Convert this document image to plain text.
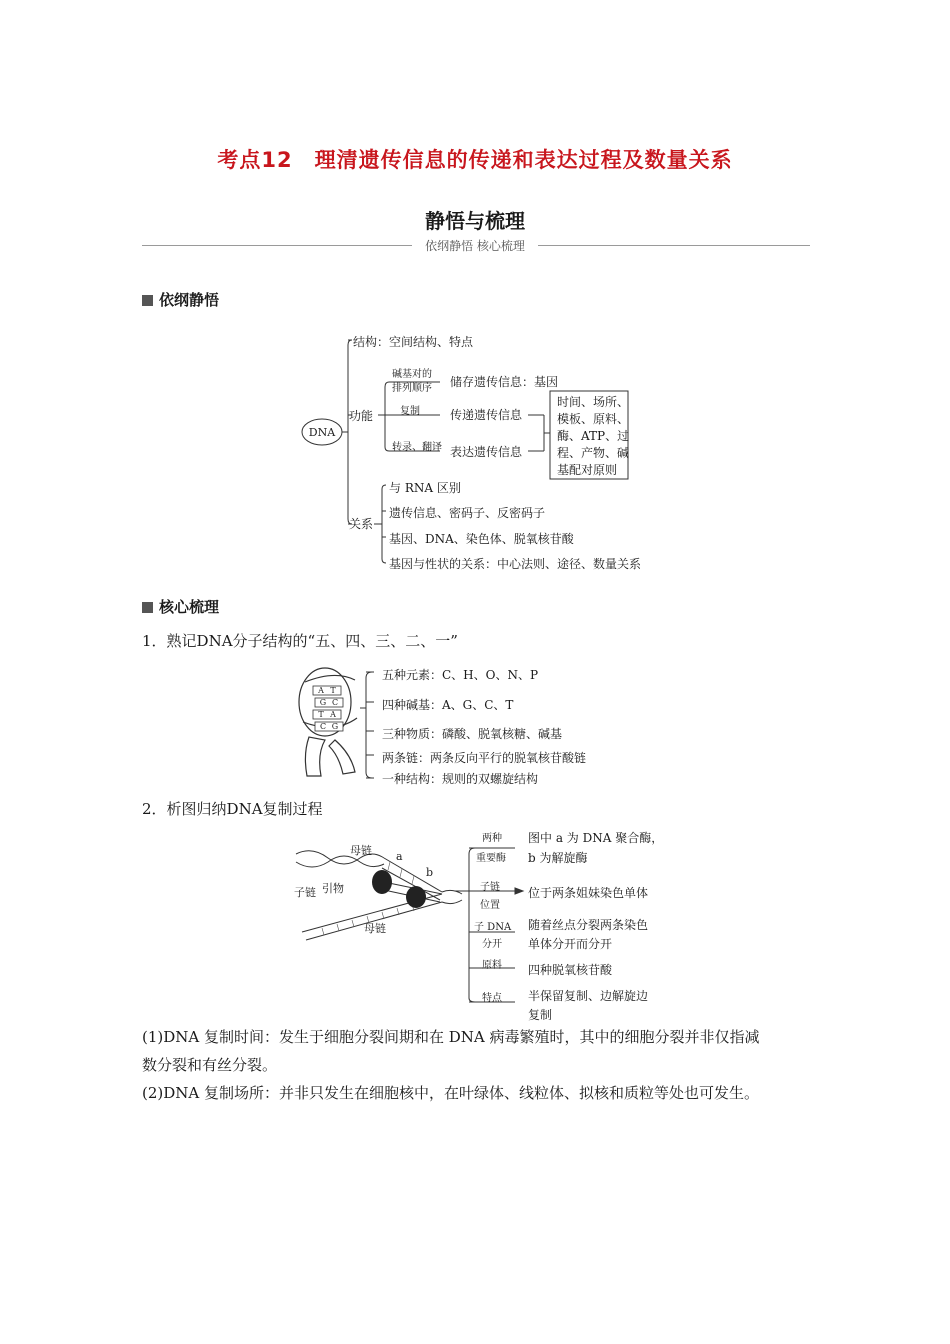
考点12　理清遗传信息的传递和表达过程及数量关系
静悟与梳理
依纲静悟 核心梳理
依纲静悟
DNA
结构：空间结构、特点
功能
碱基对的
排列顺序 储存遗传信息：基因
复制	传递遗传信息
转录、翻译 表达遗传信息
时间、场所、
模板、原料、
酶、ATP、过
程、产物、碱
基配对原则
关系
与 RNA 区别
遗传信息、密码子、反密码子
基因、DNA、染色体、脱氧核苷酸
基因与性状的关系：中心法则、途径、数量关系
核心梳理
1．熟记DNA分子结构的“五、四、三、二、一”
A T
G C
T A
C G
五种元素：C、H、O、N、P
四种碱基：A、G、C、T
三种物质：磷酸、脱氧核糖、碱基
两条链：两条反向平行的脱氧核苷酸链
一种结构：规则的双螺旋结构
2．析图归纳DNA复制过程
母链 a
b
子链 引物
母链
两种
重要酶
图中 a 为 DNA 聚合酶，
b 为解旋酶
子链
位置
位于两条姐妹染色单体
子 DNA
分开
随着丝点分裂两条染色
单体分开而分开
原料 四种脱氧核苷酸
特点 半保留复制、边解旋边
复制
(1)DNA 复制时间：发生于细胞分裂间期和在 DNA 病毒繁殖时，其中的细胞分裂并非仅指减
数分裂和有丝分裂。
(2)DNA 复制场所：并非只发生在细胞核中，在叶绿体、线粒体、拟核和质粒等处也可发生。
